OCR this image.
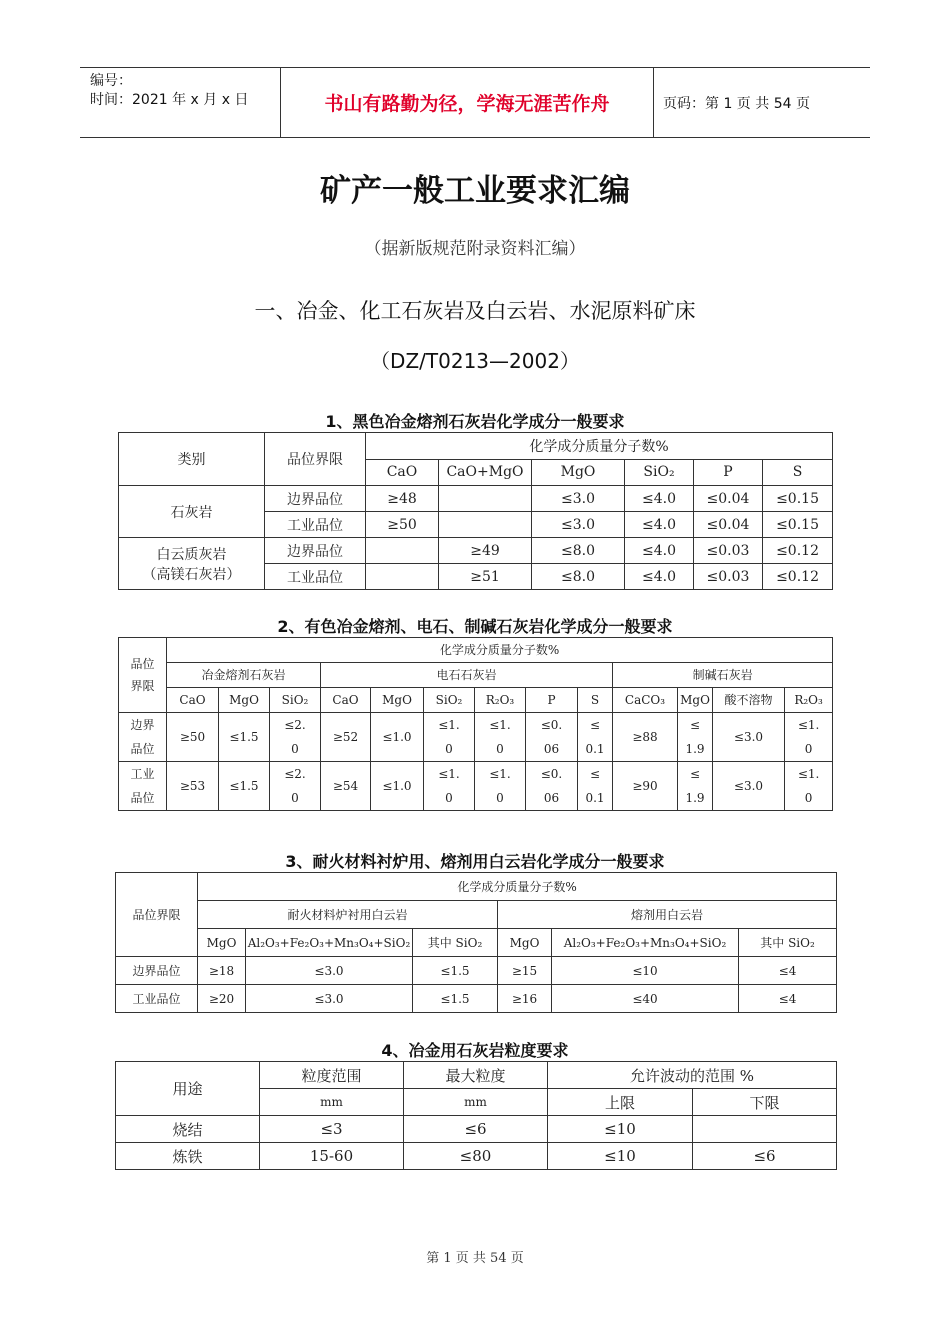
编号：
时间：2021 年 x 月 x 日	书山有路勤为径，学海无涯苦作舟	页码：第 1 页 共 54 页
矿产一般工业要求汇编
（据新版规范附录资料汇编）
一、冶金、化工石灰岩及白云岩、水泥原料矿床
（DZ/T0213—2002）
1、黑色冶金熔剂石灰岩化学成分一般要求
类别	品位界限	化学成分质量分子数%					
		CaO	CaO+MgO	MgO	SiO₂	P	S
石灰岩	边界品位	≥48		≤3.0	≤4.0	≤0.04	≤0.15
	工业品位	≥50		≤3.0	≤4.0	≤0.04	≤0.15

白云质灰岩
（高镁石灰岩）	边界品位		≥49	≤8.0	≤4.0	≤0.03	≤0.12
	工业品位		≥51	≤8.0	≤4.0	≤0.03	≤0.12
2、有色冶金熔剂、电石、制碱石灰岩化学成分一般要求
品位界限	化学成分质量分子数%												
	冶金熔剂石灰岩			电石石灰岩						制碱石灰岩			
	CaO	MgO	SiO₂	CaO	MgO	SiO₂	R₂O₃	P	S	CaCO₃	MgO	酸不溶物	R₂O₃

边界品位	≥50	≤1.5	≤2.0	≥52	≤1.0	≤1.0	≤1.0	≤0.06	≤0.1	≥88	≤1.9	≤3.0	≤1.0

工业品位	≥53	≤1.5	≤2.0	≥54	≤1.0	≤1.0	≤1.0	≤0.06	≤0.1	≥90	≤1.9	≤3.0	≤1.0
3、耐火材料衬炉用、熔剂用白云岩化学成分一般要求
品位界限	化学成分质量分子数%					
	耐火材料炉衬用白云岩			熔剂用白云岩		
	MgO	Al₂O₃+Fe₂O₃+Mn₃O₄+SiO₂	其中 SiO₂	MgO	Al₂O₃+Fe₂O₃+Mn₃O₄+SiO₂	其中 SiO₂
边界品位	≥18	≤3.0	≤1.5	≥15	≤10	≤4
工业品位	≥20	≤3.0	≤1.5	≥16	≤40	≤4
4、冶金用石灰岩粒度要求
用途	粒度范围	最大粒度	允许波动的范围 %	
	mm	mm	上限	下限
烧结	≤3	≤6	≤10	
炼铁	15-60	≤80	≤10	≤6
第 1 页 共 54 页
